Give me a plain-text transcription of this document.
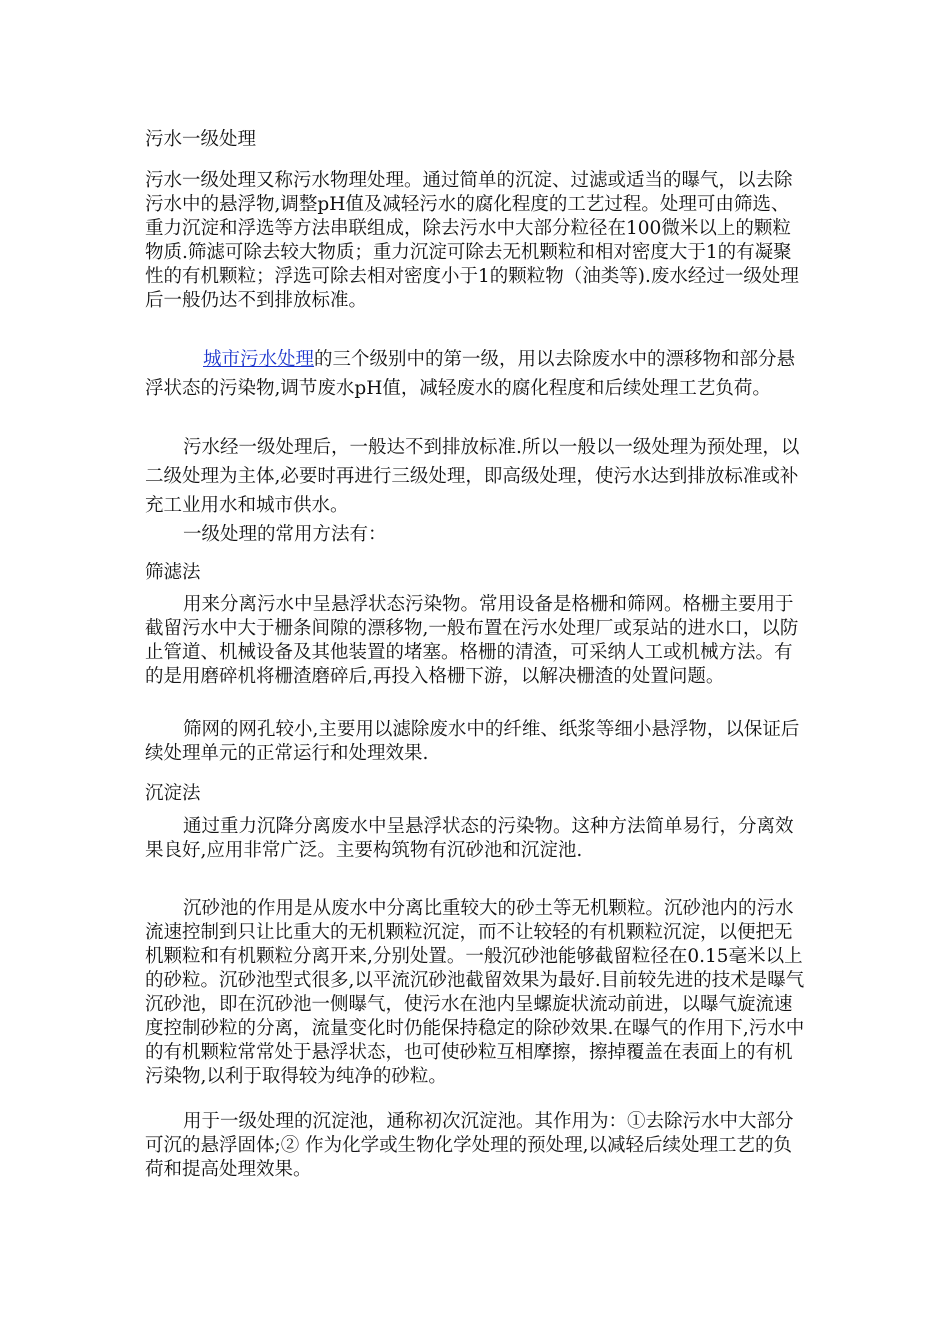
污水一级处理

污水一级处理又称污水物理处理。通过简单的沉淀、过滤或适当的曝气，以去除污水中的悬浮物,调整pH值及减轻污水的腐化程度的工艺过程。处理可由筛选、重力沉淀和浮选等方法串联组成，除去污水中大部分粒径在100微米以上的颗粒物质.筛滤可除去较大物质；重力沉淀可除去无机颗粒和相对密度大于1的有凝聚性的有机颗粒；浮选可除去相对密度小于1的颗粒物（油类等).废水经过一级处理后一般仍达不到排放标准。

城市污水处理的三个级别中的第一级，用以去除废水中的漂移物和部分悬浮状态的污染物,调节废水pH值，减轻废水的腐化程度和后续处理工艺负荷。

污水经一级处理后，一般达不到排放标准.所以一般以一级处理为预处理，以二级处理为主体,必要时再进行三级处理，即高级处理，使污水达到排放标准或补充工业用水和城市供水。

一级处理的常用方法有：

筛滤法

用来分离污水中呈悬浮状态污染物。常用设备是格栅和筛网。格栅主要用于截留污水中大于栅条间隙的漂移物,一般布置在污水处理厂或泵站的进水口，以防止管道、机械设备及其他装置的堵塞。格栅的清渣，可采纳人工或机械方法。有的是用磨碎机将栅渣磨碎后,再投入格栅下游，以解决栅渣的处置问题。

筛网的网孔较小,主要用以滤除废水中的纤维、纸浆等细小悬浮物，以保证后续处理单元的正常运行和处理效果.

沉淀法

通过重力沉降分离废水中呈悬浮状态的污染物。这种方法简单易行，分离效果良好,应用非常广泛。主要构筑物有沉砂池和沉淀池.

沉砂池的作用是从废水中分离比重较大的砂土等无机颗粒。沉砂池内的污水流速控制到只让比重大的无机颗粒沉淀，而不让较轻的有机颗粒沉淀，以便把无机颗粒和有机颗粒分离开来,分别处置。一般沉砂池能够截留粒径在0.15毫米以上的砂粒。沉砂池型式很多,以平流沉砂池截留效果为最好.目前较先进的技术是曝气沉砂池，即在沉砂池一侧曝气，使污水在池内呈螺旋状流动前进，以曝气旋流速度控制砂粒的分离，流量变化时仍能保持稳定的除砂效果.在曝气的作用下,污水中的有机颗粒常常处于悬浮状态，也可使砂粒互相摩擦，擦掉覆盖在表面上的有机污染物,以利于取得较为纯净的砂粒。

用于一级处理的沉淀池，通称初次沉淀池。其作用为：①去除污水中大部分可沉的悬浮固体;② 作为化学或生物化学处理的预处理,以减轻后续处理工艺的负荷和提高处理效果。
